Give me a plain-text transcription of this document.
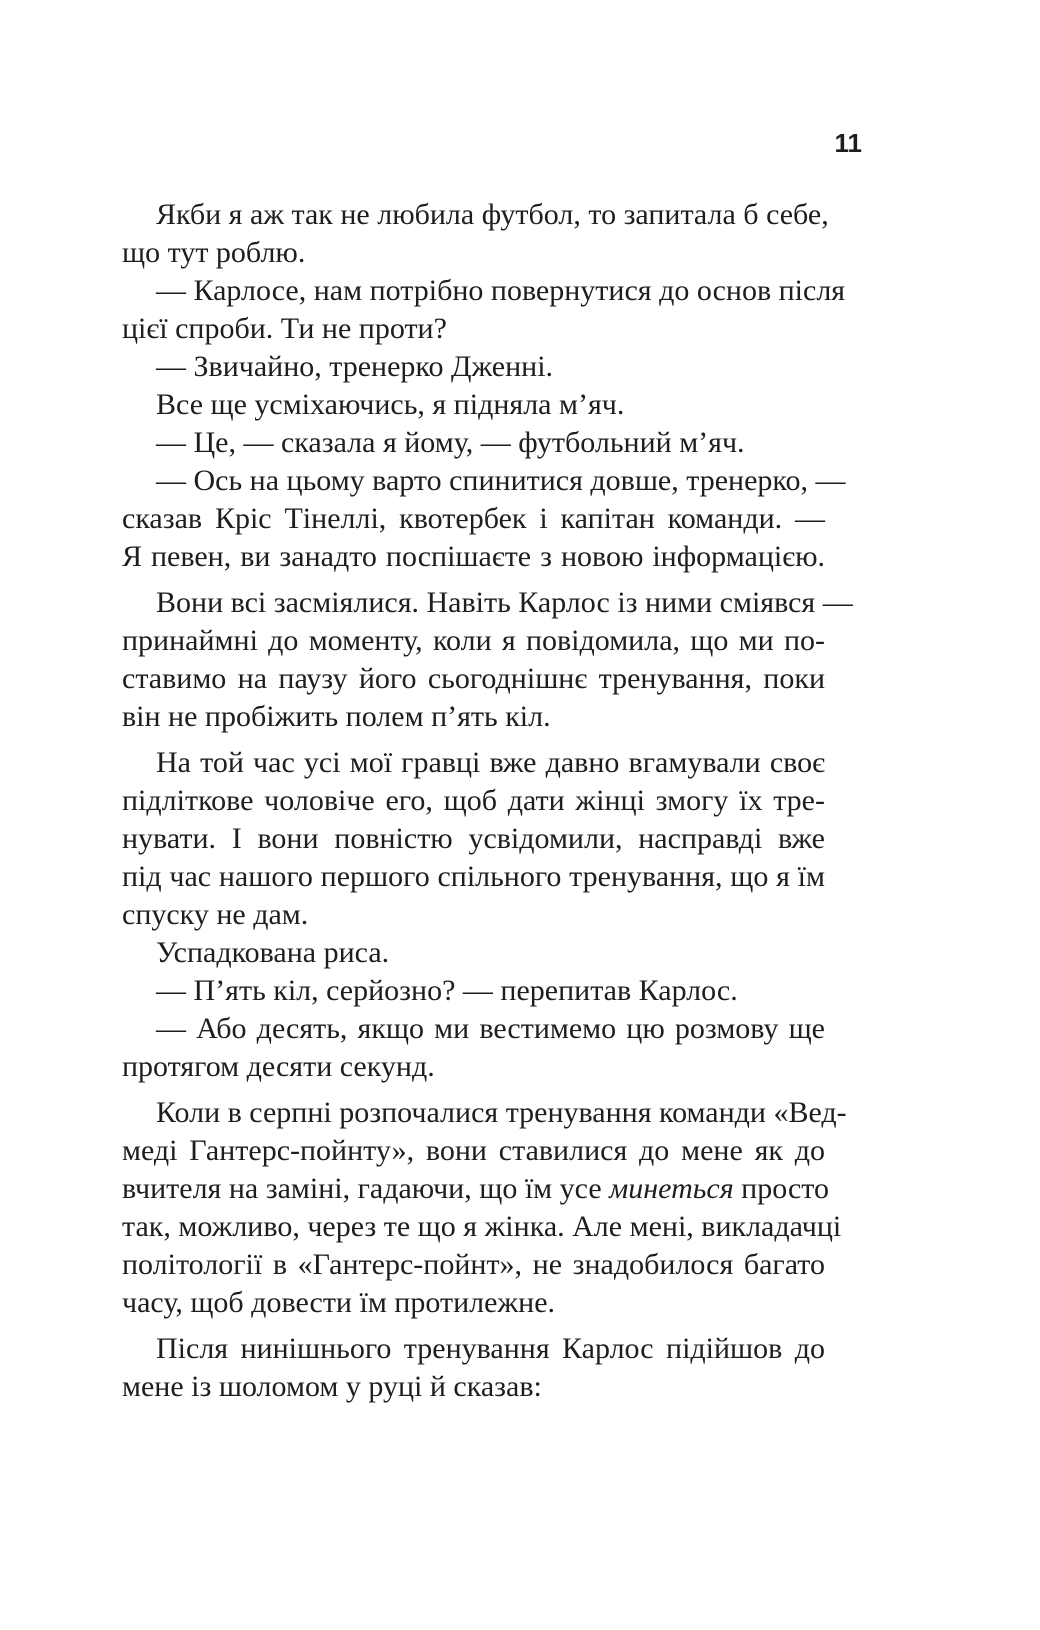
11
Якби я аж так не любила футбол, то запитала б себе,
що тут роблю.
— Карлосе, нам потрібно повернутися до основ після
цієї спроби. Ти не проти?
— Звичайно, тренерко Дженні.
Все ще усміхаючись, я підняла м’яч.
— Це, — сказала я йому, — футбольний м’яч.
— Ось на цьому варто спинитися довше, тренерко, —
сказав Кріс Тінеллі, квотербек і капітан команди. —
Я певен, ви занадто поспішаєте з новою інформацією.
Вони всі засміялися. Навіть Карлос із ними сміявся —
принаймні до моменту, коли я повідомила, що ми по-
ставимо на паузу його сьогоднішнє тренування, поки
він не пробіжить полем п’ять кіл.
На той час усі мої гравці вже давно вгамували своє
підліткове чоловіче его, щоб дати жінці змогу їх тре-
нувати. І вони повністю усвідомили, насправді вже
під час нашого першого спільного тренування, що я їм
спуску не дам.
Успадкована риса.
— П’ять кіл, серйозно? — перепитав Карлос.
— Або десять, якщо ми вестимемо цю розмову ще
протягом десяти секунд.
Коли в серпні розпочалися тренування команди «Вед-
меді Гантерс-пойнту», вони ставилися до мене як до
вчителя на заміні, гадаючи, що їм усе минеться просто
так, можливо, через те що я жінка. Але мені, викладачці
політології в «Гантерс-пойнт», не знадобилося багато
часу, щоб довести їм протилежне.
Після нинішнього тренування Карлос підійшов до
мене із шоломом у руці й сказав:
